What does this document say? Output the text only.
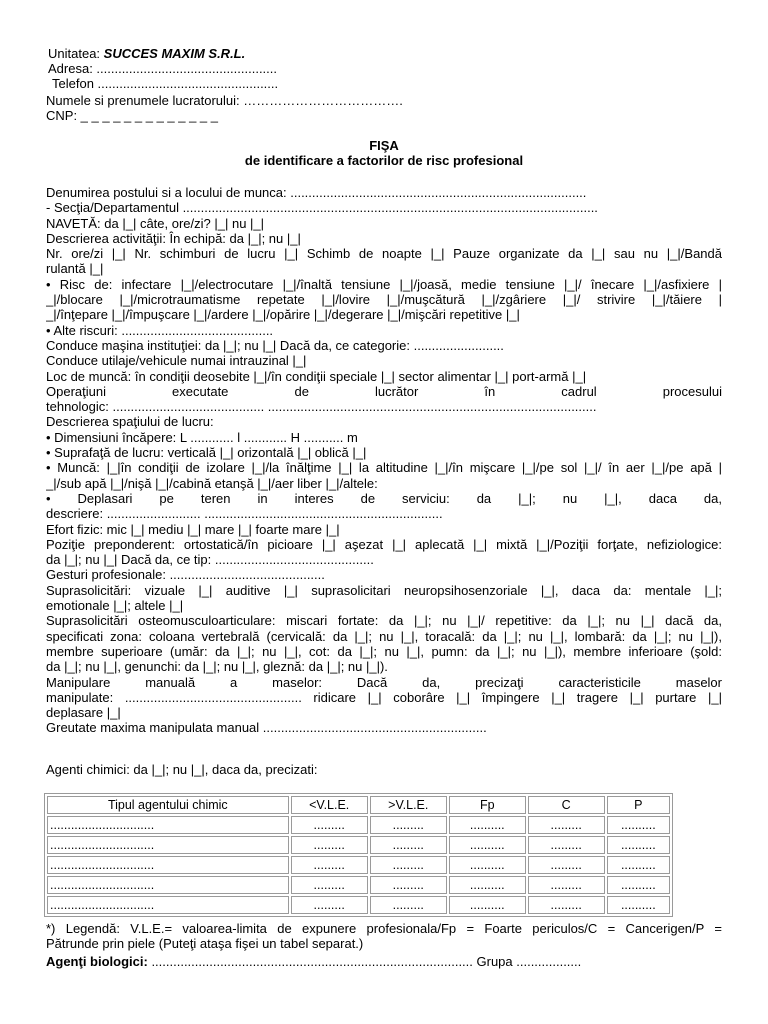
Unitatea: SUCCES MAXIM S.R.L.
Adresa: ..................................................
Telefon ..................................................
Numele si prenumele lucratorului: ……………………………….
CNP: _ _ _ _ _ _ _ _ _ _ _ _ _
FIŞA
de identificare a factorilor de risc profesional
Denumirea postului si a locului de munca: ..................................................................................
- Secţia/Departamentul ...................................................................................................................
NAVETĂ: da |_| câte, ore/zi? |_| nu |_|
Descrierea activităţii: În echipă: da |_|; nu |_|
Nr. ore/zi |_| Nr. schimburi de lucru |_| Schimb de noapte |_| Pauze organizate da |_| sau nu |_|/Bandă
rulantă |_|
• Risc de: infectare |_|/electrocutare |_|/înaltă tensiune |_|/joasă, medie tensiune |_|/ înecare |_|/asfixiere |
_|/blocare |_|/microtraumatisme repetate |_|/lovire |_|/muşcătură |_|/zgâriere |_|/ strivire |_|/tăiere |
_|/înţepare |_|/împuşcare |_|/ardere |_|/opărire |_|/degerare |_|/mişcări repetitive |_|
• Alte riscuri: ..........................................
Conduce maşina instituţiei: da |_|; nu |_| Dacă da, ce categorie: .........................
Conduce utilaje/vehicule numai intrauzinal |_|
Loc de muncă: în condiţii deosebite |_|/în condiţii speciale |_| sector alimentar |_| port-armă |_|
Operaţiuni executate de lucrător în cadrul procesului
tehnologic: .......................................... ...........................................................................................
Descrierea spaţiului de lucru:
• Dimensiuni încăpere: L ............ l ............ H ........... m
• Suprafaţă de lucru: verticală |_| orizontală |_| oblică |_|
• Muncă: |_|în condiţii de izolare |_|/la înălţime |_| la altitudine |_|/în mişcare |_|/pe sol |_|/ în aer |_|/pe apă |
_|/sub apă |_|/nişă |_|/cabină etanşă |_|/aer liber |_|/altele:
• Deplasari pe teren in interes de serviciu: da |_|; nu |_|, daca da,
descriere: .......................... ..................................................................
Efort fizic: mic |_| mediu |_| mare |_| foarte mare |_|
Poziţie preponderent: ortostatică/în picioare |_| aşezat |_| aplecată |_| mixtă |_|/Poziţii forţate, nefiziologice:
da |_|; nu |_| Dacă da, ce tip: ............................................
Gesturi profesionale: ...........................................
Suprasolicitări: vizuale |_| auditive |_| suprasolicitari neuropsihosenzoriale |_|, daca da: mentale |_|;
emotionale |_|; altele |_|
Suprasolicitări osteomusculoarticulare: miscari fortate: da |_|; nu |_|/ repetitive: da |_|; nu |_| dacă da,
specificati zona: coloana vertebrală (cervicală: da |_|; nu |_|, toracală: da |_|; nu |_|, lombară: da |_|; nu |_|),
membre superioare (umăr: da |_|; nu |_|, cot: da |_|; nu |_|, pumn: da |_|; nu |_|), membre inferioare (şold:
da |_|; nu |_|, genunchi: da |_|; nu |_|, gleznă: da |_|; nu |_|).
Manipulare manuală a maselor: Dacă da, precizaţi caracteristicile maselor
manipulate: ................................................. ridicare |_| coborâre |_| împingere |_| tragere |_| purtare |_|
deplasare |_|
Greutate maxima manipulata manual ..............................................................
Agenti chimici: da |_|; nu |_|, daca da, precizati:
Tipul agentului chimic	<V.L.E.	>V.L.E.	Fp	C	P
..............................	.........	.........	..........	.........	..........
..............................	.........	.........	..........	.........	..........
..............................	.........	.........	..........	.........	..........
..............................	.........	.........	..........	.........	..........
..............................	.........	.........	..........	.........	..........
*) Legendă: V.L.E.= valoarea-limita de expunere profesionala/Fp = Foarte periculos/C = Cancerigen/P =
Pătrunde prin piele (Puteţi ataşa fişei un tabel separat.)
Agenţi biologici: ......................................................................................... Grupa ..................
